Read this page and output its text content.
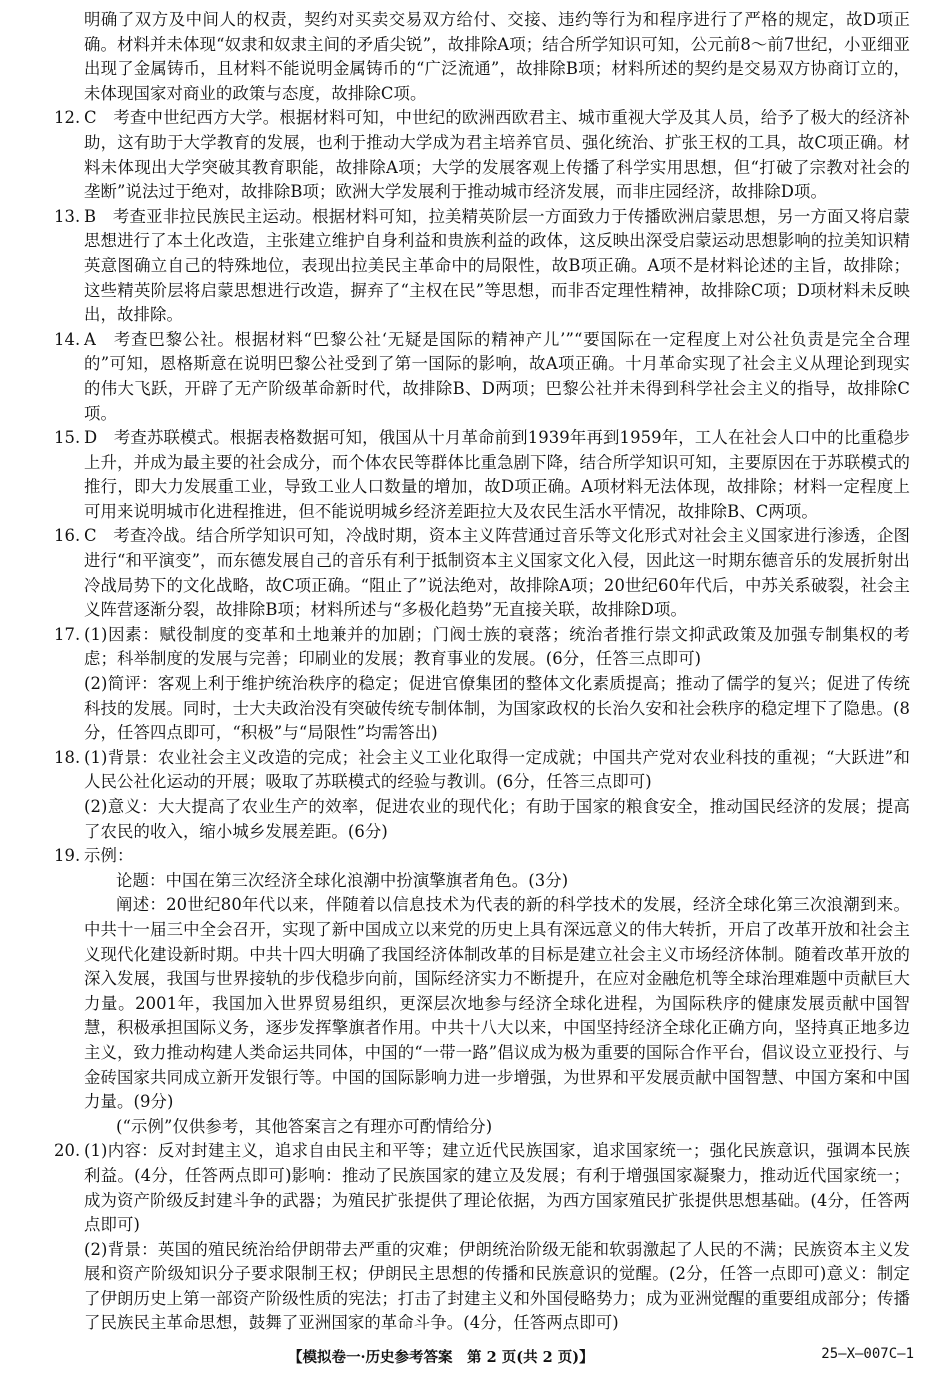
明确了双方及中间人的权责，契约对买卖交易双方给付、交接、违约等行为和程序进行了严格的规定，故D项正确。材料并未体现“奴隶和奴隶主间的矛盾尖锐”，故排除A项；结合所学知识可知，公元前8～前7世纪，小亚细亚出现了金属铸币，且材料不能说明金属铸币的“广泛流通”，故排除B项；材料所述的契约是交易双方协商订立的，未体现国家对商业的政策与态度，故排除C项。

12. C　考查中世纪西方大学。根据材料可知，中世纪的欧洲西欧君主、城市重视大学及其人员，给予了极大的经济补助，这有助于大学教育的发展，也利于推动大学成为君主培养官员、强化统治、扩张王权的工具，故C项正确。材料未体现出大学突破其教育职能，故排除A项；大学的发展客观上传播了科学实用思想，但“打破了宗教对社会的垄断”说法过于绝对，故排除B项；欧洲大学发展利于推动城市经济发展，而非庄园经济，故排除D项。

13. B　考查亚非拉民族民主运动。根据材料可知，拉美精英阶层一方面致力于传播欧洲启蒙思想，另一方面又将启蒙思想进行了本土化改造，主张建立维护自身利益和贵族利益的政体，这反映出深受启蒙运动思想影响的拉美知识精英意图确立自己的特殊地位，表现出拉美民主革命中的局限性，故B项正确。A项不是材料论述的主旨，故排除；这些精英阶层将启蒙思想进行改造，摒弃了“主权在民”等思想，而非否定理性精神，故排除C项；D项材料未反映出，故排除。

14. A　考查巴黎公社。根据材料“巴黎公社‘无疑是国际的精神产儿’”“要国际在一定程度上对公社负责是完全合理的”可知，恩格斯意在说明巴黎公社受到了第一国际的影响，故A项正确。十月革命实现了社会主义从理论到现实的伟大飞跃，开辟了无产阶级革命新时代，故排除B、D两项；巴黎公社并未得到科学社会主义的指导，故排除C项。

15. D　考查苏联模式。根据表格数据可知，俄国从十月革命前到1939年再到1959年，工人在社会人口中的比重稳步上升，并成为最主要的社会成分，而个体农民等群体比重急剧下降，结合所学知识可知，主要原因在于苏联模式的推行，即大力发展重工业，导致工业人口数量的增加，故D项正确。A项材料无法体现，故排除；材料一定程度上可用来说明城市化进程推进，但不能说明城乡经济差距拉大及农民生活水平情况，故排除B、C两项。

16. C　考查冷战。结合所学知识可知，冷战时期，资本主义阵营通过音乐等文化形式对社会主义国家进行渗透，企图进行“和平演变”，而东德发展自己的音乐有利于抵制资本主义国家文化入侵，因此这一时期东德音乐的发展折射出冷战局势下的文化战略，故C项正确。“阻止了”说法绝对，故排除A项；20世纪60年代后，中苏关系破裂，社会主义阵营逐渐分裂，故排除B项；材料所述与“多极化趋势”无直接关联，故排除D项。

17. (1)因素：赋役制度的变革和土地兼并的加剧；门阀士族的衰落；统治者推行崇文抑武政策及加强专制集权的考虑；科举制度的发展与完善；印刷业的发展；教育事业的发展。(6分，任答三点即可)

(2)简评：客观上利于维护统治秩序的稳定；促进官僚集团的整体文化素质提高；推动了儒学的复兴；促进了传统科技的发展。同时，士大夫政治没有突破传统专制体制，为国家政权的长治久安和社会秩序的稳定埋下了隐患。(8分，任答四点即可，“积极”与“局限性”均需答出)

18. (1)背景：农业社会主义改造的完成；社会主义工业化取得一定成就；中国共产党对农业科技的重视；“大跃进”和人民公社化运动的开展；吸取了苏联模式的经验与教训。(6分，任答三点即可)

(2)意义：大大提高了农业生产的效率，促进农业的现代化；有助于国家的粮食安全，推动国民经济的发展；提高了农民的收入，缩小城乡发展差距。(6分)

19. 示例：

论题：中国在第三次经济全球化浪潮中扮演擎旗者角色。(3分)

阐述：20世纪80年代以来，伴随着以信息技术为代表的新的科学技术的发展，经济全球化第三次浪潮到来。中共十一届三中全会召开，实现了新中国成立以来党的历史上具有深远意义的伟大转折，开启了改革开放和社会主义现代化建设新时期。中共十四大明确了我国经济体制改革的目标是建立社会主义市场经济体制。随着改革开放的深入发展，我国与世界接轨的步伐稳步向前，国际经济实力不断提升，在应对金融危机等全球治理难题中贡献巨大力量。2001年，我国加入世界贸易组织，更深层次地参与经济全球化进程，为国际秩序的健康发展贡献中国智慧，积极承担国际义务，逐步发挥擎旗者作用。中共十八大以来，中国坚持经济全球化正确方向，坚持真正地多边主义，致力推动构建人类命运共同体，中国的“一带一路”倡议成为极为重要的国际合作平台，倡议设立亚投行、与金砖国家共同成立新开发银行等。中国的国际影响力进一步增强，为世界和平发展贡献中国智慧、中国方案和中国力量。(9分)

(“示例”仅供参考，其他答案言之有理亦可酌情给分)

20. (1)内容：反对封建主义，追求自由民主和平等；建立近代民族国家，追求国家统一；强化民族意识，强调本民族利益。(4分，任答两点即可)影响：推动了民族国家的建立及发展；有利于增强国家凝聚力，推动近代国家统一；成为资产阶级反封建斗争的武器；为殖民扩张提供了理论依据，为西方国家殖民扩张提供思想基础。(4分，任答两点即可)

(2)背景：英国的殖民统治给伊朗带去严重的灾难；伊朗统治阶级无能和软弱激起了人民的不满；民族资本主义发展和资产阶级知识分子要求限制王权；伊朗民主思想的传播和民族意识的觉醒。(2分，任答一点即可)意义：制定了伊朗历史上第一部资产阶级性质的宪法；打击了封建主义和外国侵略势力；成为亚洲觉醒的重要组成部分；传播了民族民主革命思想，鼓舞了亚洲国家的革命斗争。(4分，任答两点即可)

【模拟卷一·历史参考答案　第 2 页(共 2 页)】	25—X—007C—1
